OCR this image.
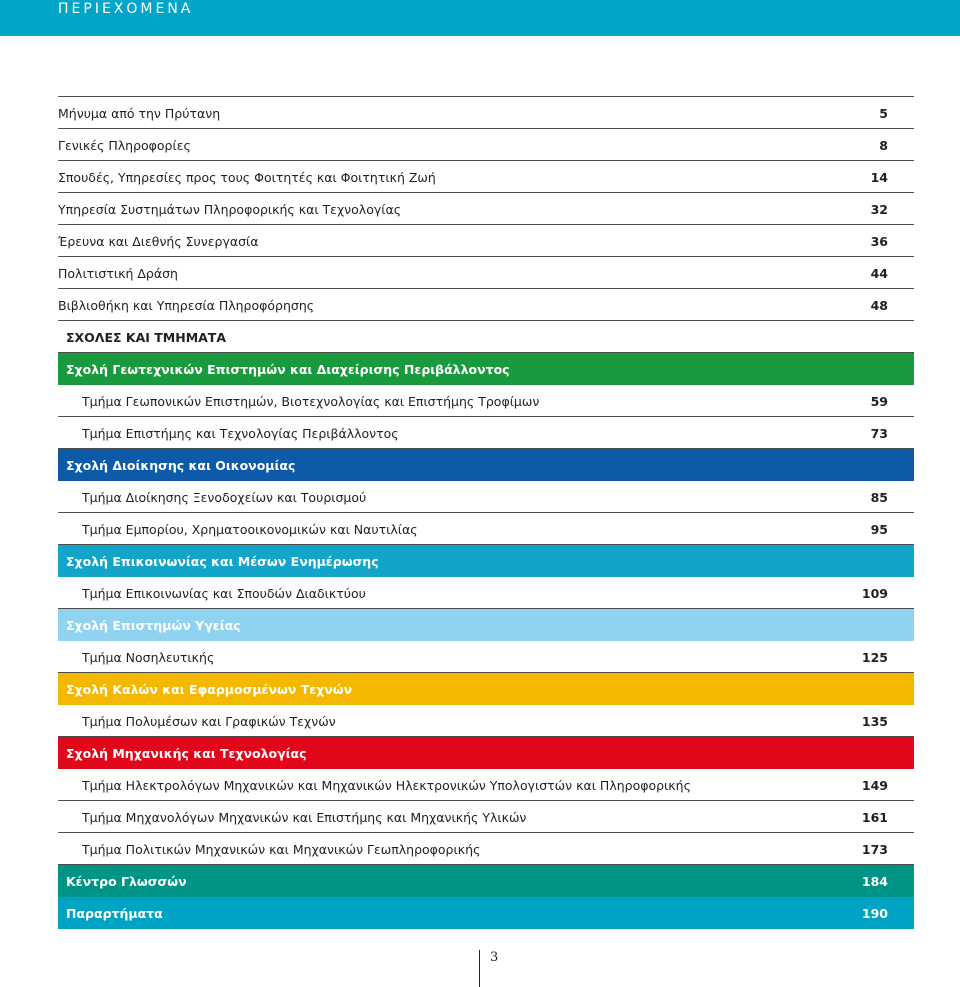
ΠΕΡΙΕΧΟΜΕΝΑ
Μήνυμα από την Πρύτανη	5
Γενικές Πληροφορίες	8
Σπουδές, Υπηρεσίες προς τους Φοιτητές και Φοιτητική Ζωή	14
Υπηρεσία Συστημάτων Πληροφορικής και Τεχνολογίας	32
Έρευνα και Διεθνής Συνεργασία	36
Πολιτιστική Δράση	44
Βιβλιοθήκη και Υπηρεσία Πληροφόρησης	48
ΣΧΟΛΕΣ ΚΑΙ ΤΜΗΜΑΤΑ
Σχολή Γεωτεχνικών Επιστημών και Διαχείρισης Περιβάλλοντος
Τμήμα Γεωπονικών Επιστημών, Βιοτεχνολογίας και Επιστήμης Τροφίμων	59
Τμήμα Επιστήμης και Τεχνολογίας Περιβάλλοντος	73
Σχολή Διοίκησης και Οικονομίας
Τμήμα Διοίκησης Ξενοδοχείων και Τουρισμού	85
Τμήμα Εμπορίου, Χρηματοοικονομικών και Ναυτιλίας	95
Σχολή Επικοινωνίας και Μέσων Ενημέρωσης
Τμήμα Επικοινωνίας και Σπουδών Διαδικτύου	109
Σχολή Επιστημών Υγείας
Τμήμα Νοσηλευτικής	125
Σχολή Καλών και Εφαρμοσμένων Τεχνών
Τμήμα Πολυμέσων και Γραφικών Τεχνών	135
Σχολή Μηχανικής και Τεχνολογίας
Τμήμα Ηλεκτρολόγων Μηχανικών και Μηχανικών Ηλεκτρονικών Υπολογιστών και Πληροφορικής	149
Τμήμα Μηχανολόγων Μηχανικών και Επιστήμης και Μηχανικής Υλικών	161
Τμήμα Πολιτικών Μηχανικών και Μηχανικών Γεωπληροφορικής	173
Κέντρο Γλωσσών	184
Παραρτήματα	190
3
